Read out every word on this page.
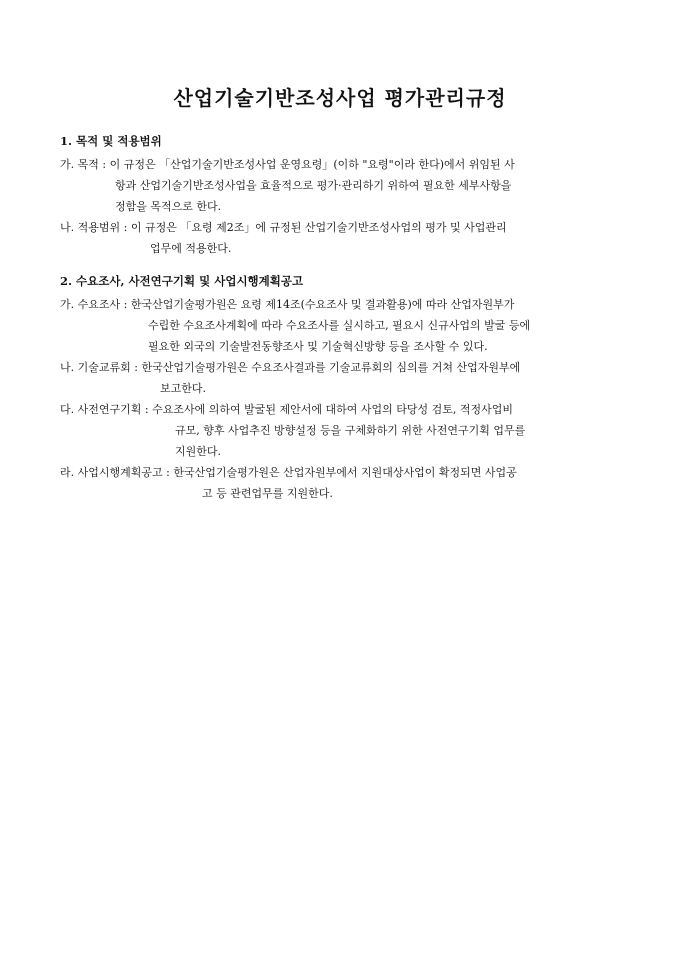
산업기술기반조성사업 평가관리규정
1. 목적 및 적용범위
가. 목적 : 이 규정은 「산업기술기반조성사업 운영요령」(이하 "요령"이라 한다)에서 위임된 사
항과 산업기술기반조성사업을 효율적으로 평가·관리하기 위하여 필요한 세부사항을
정함을 목적으로 한다.
나. 적용범위 : 이 규정은 「요령 제2조」에 규정된 산업기술기반조성사업의 평가 및 사업관리
업무에 적용한다.
2. 수요조사, 사전연구기획 및 사업시행계획공고
가. 수요조사 : 한국산업기술평가원은 요령 제14조(수요조사 및 결과활용)에 따라 산업자원부가
수립한 수요조사계획에 따라 수요조사를 실시하고, 필요시 신규사업의 발굴 등에
필요한 외국의 기술발전동향조사 및 기술혁신방향 등을 조사할 수 있다.
나. 기술교류회 : 한국산업기술평가원은 수요조사결과를 기술교류회의 심의를 거쳐 산업자원부에
보고한다.
다. 사전연구기획 : 수요조사에 의하여 발굴된 제안서에 대하여 사업의 타당성 검토, 적정사업비
규모, 향후 사업추진 방향설정 등을 구체화하기 위한 사전연구기획 업무를
지원한다.
라. 사업시행계획공고 : 한국산업기술평가원은 산업자원부에서 지원대상사업이 확정되면 사업공
고 등 관련업무를 지원한다.
